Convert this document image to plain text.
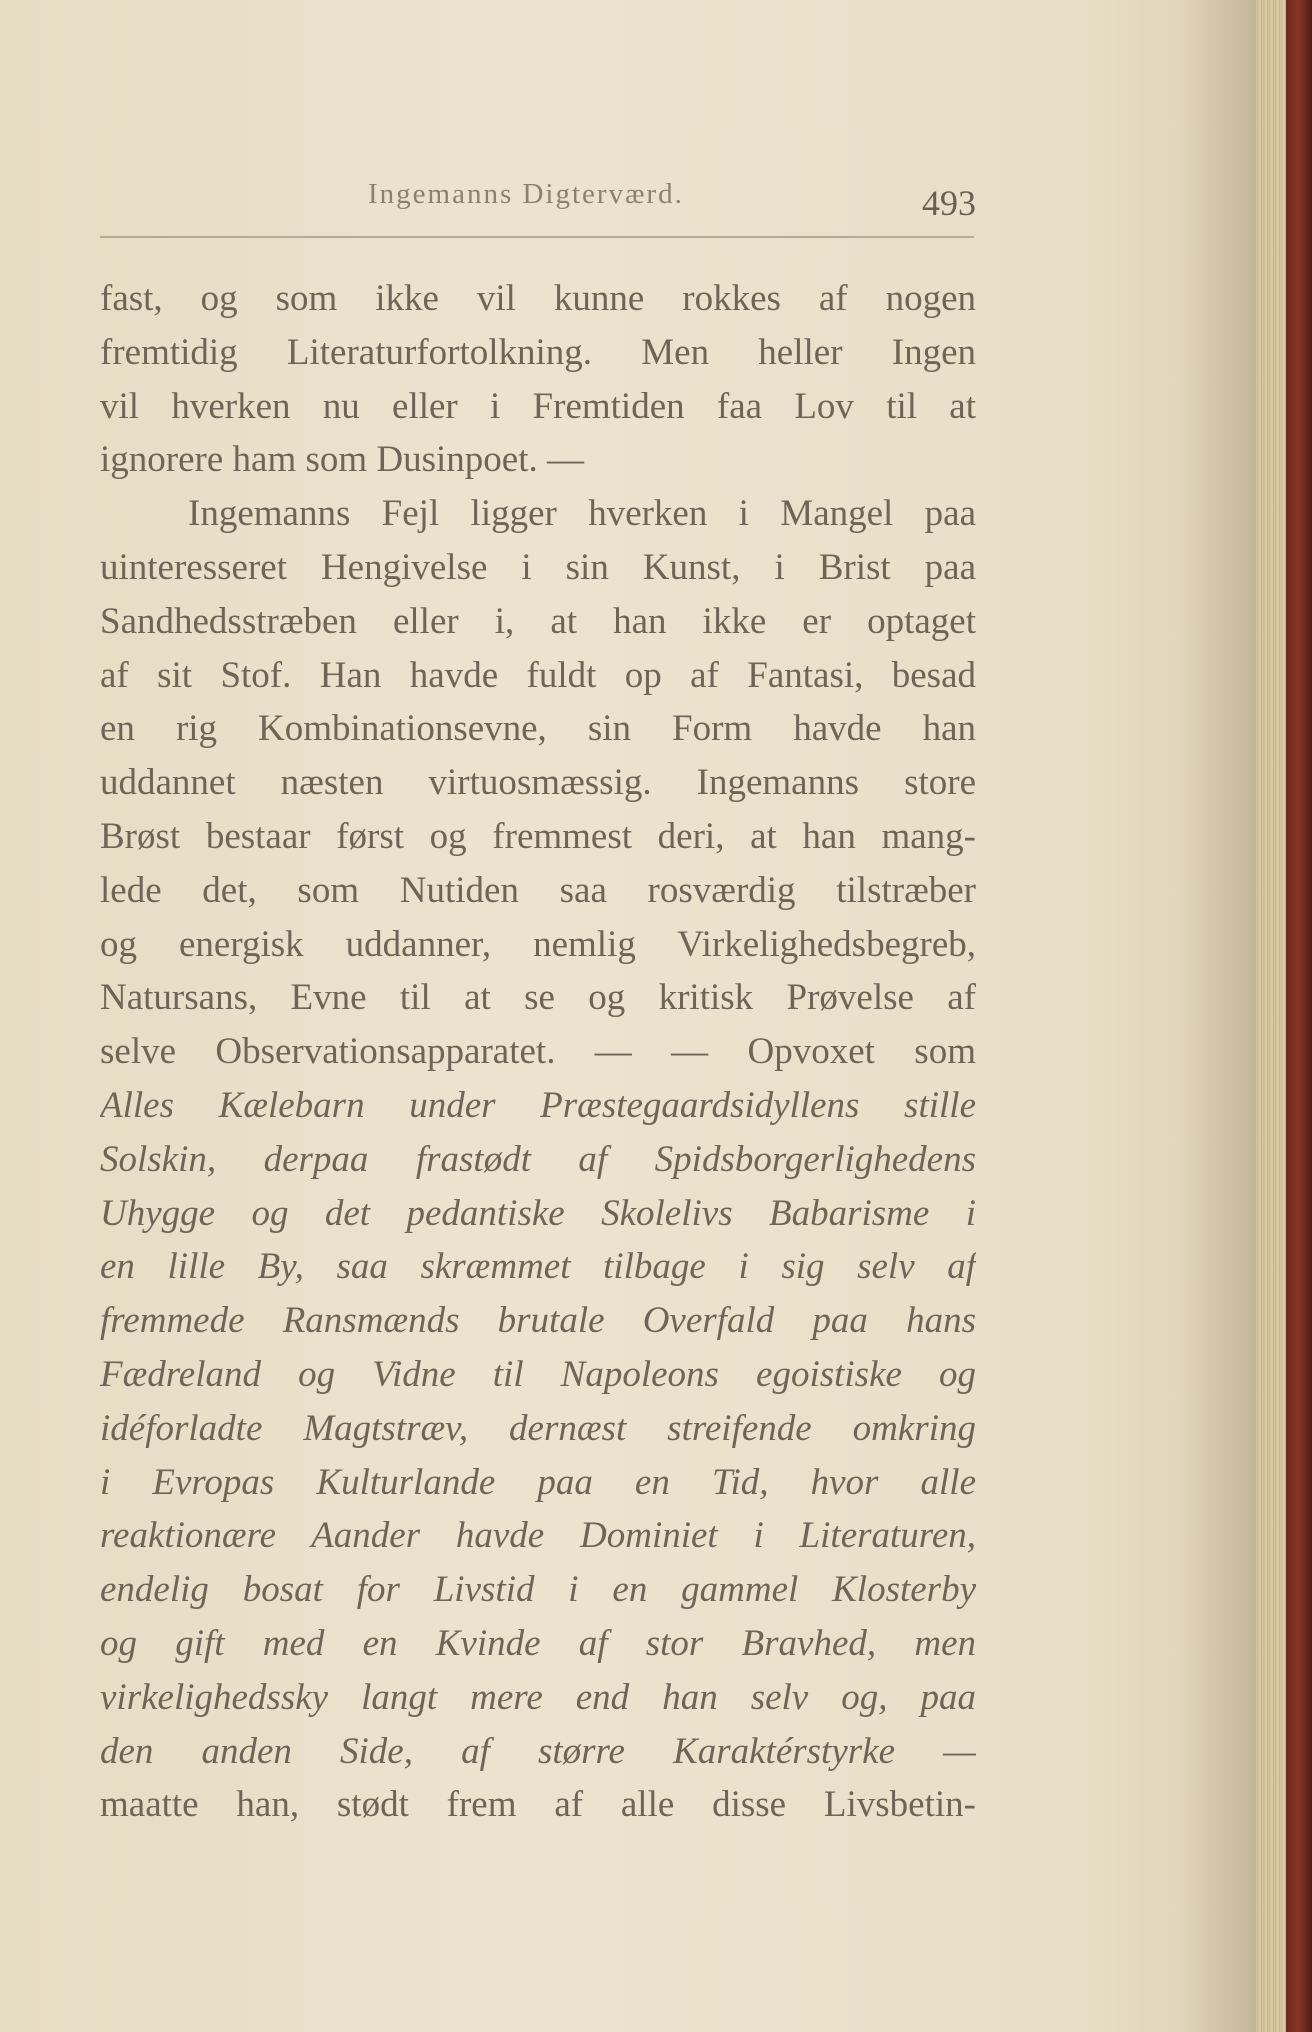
Ingemanns Digterværd.	493
fast, og som ikke vil kunne rokkes af nogen
fremtidig Literaturfortolkning. Men heller Ingen
vil hverken nu eller i Fremtiden faa Lov til at
ignorere ham som Dusinpoet. —
Ingemanns Fejl ligger hverken i Mangel paa
uinteresseret Hengivelse i sin Kunst, i Brist paa
Sandhedsstræben eller i, at han ikke er optaget
af sit Stof. Han havde fuldt op af Fantasi, besad
en rig Kombinationsevne, sin Form havde han
uddannet næsten virtuosmæssig. Ingemanns store
Brøst bestaar først og fremmest deri, at han mang-
lede det, som Nutiden saa rosværdig tilstræber
og energisk uddanner, nemlig Virkelighedsbegreb,
Natursans, Evne til at se og kritisk Prøvelse af
selve Observationsapparatet. — — Opvoxet som
Alles Kælebarn under Præstegaardsidyllens stille
Solskin, derpaa frastødt af Spidsborgerlighedens
Uhygge og det pedantiske Skolelivs Babarisme i
en lille By, saa skræmmet tilbage i sig selv af
fremmede Ransmænds brutale Overfald paa hans
Fædreland og Vidne til Napoleons egoistiske og
idéforladte Magtstræv, dernæst streifende omkring
i Evropas Kulturlande paa en Tid, hvor alle
reaktionære Aander havde Dominiet i Literaturen,
endelig bosat for Livstid i en gammel Klosterby
og gift med en Kvinde af stor Bravhed, men
virkelighedssky langt mere end han selv og, paa
den anden Side, af større Karaktérstyrke —
maatte han, stødt frem af alle disse Livsbetin-
